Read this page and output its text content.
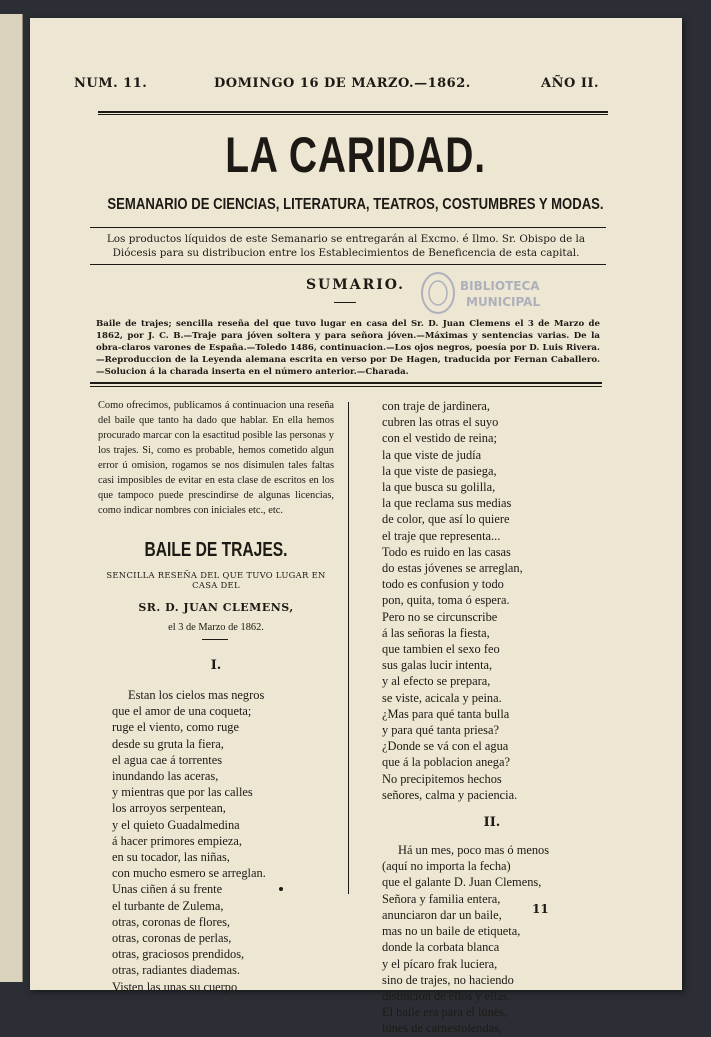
NUM. 11.	DOMINGO 16 DE MARZO.—1862.	AÑO II.
LA CARIDAD.
SEMANARIO DE CIENCIAS, LITERATURA, TEATROS, COSTUMBRES Y MODAS.
Los productos líquidos de este Semanario se entregarán al Excmo. é Ilmo. Sr. Obispo de la Diócesis para su distribucion entre los Establecimientos de Beneficencia de esta capital.
BIBLIOTECA
MUNICIPAL
SUMARIO.
Baile de trajes; sencilla reseña del que tuvo lugar en casa del Sr. D. Juan Clemens el 3 de Marzo de 1862, por J. C. B.—Traje para jóven soltera y para señora jóven.—Máximas y sentencias varias. De la obra-claros varones de España.—Toledo 1486, continuacion.—Los ojos negros, poesía por D. Luis Rivera.—Reproduccion de la Leyenda alemana escrita en verso por De Hagen, traducida por Fernan Caballero.—Solucion á la charada inserta en el número anterior.—Charada.

Como ofrecimos, publicamos á continuacion una reseña del baile que tanto ha dado que hablar. En ella hemos procurado marcar con la esactitud posible las personas y los trajes. Si, como es probable, hemos cometido algun error ú omision, rogamos se nos disimulen tales faltas casi imposibles de evitar en esta clase de escritos en los que tampoco puede prescindirse de algunas licencias, como indicar nombres con iniciales etc., etc.

BAILE DE TRAJES.
SENCILLA RESEÑA DEL QUE TUVO LUGAR EN CASA DEL
SR. D. JUAN CLEMENS,
el 3 de Marzo de 1862.
I.
Estan los cielos mas negros
que el amor de una coqueta;
ruge el viento, como ruge
desde su gruta la fiera,
el agua cae á torrentes
inundando las aceras,
y mientras que por las calles
los arroyos serpentean,
y el quieto Guadalmedina
á hacer primores empieza,
en su tocador, las niñas,
con mucho esmero se arreglan.
Unas ciñen á su frente
el turbante de Zulema,
otras, coronas de flores,
otras, coronas de perlas,
otras, graciosos prendidos,
otras, radiantes diademas.
Visten las unas su cuerpo
con traje de jardinera,
cubren las otras el suyo
con el vestido de reina;
la que viste de judía
la que viste de pasiega,
la que busca su golilla,
la que reclama sus medias
de color, que así lo quiere
el traje que representa...
Todo es ruido en las casas
do estas jóvenes se arreglan,
todo es confusion y todo
pon, quita, toma ó espera.
Pero no se circunscribe
á las señoras la fiesta,
que tambien el sexo feo
sus galas lucir intenta,
y al efecto se prepara,
se viste, acicala y peina.
¿Mas para qué tanta bulla
y para qué tanta priesa?
¿Donde se vá con el agua
que á la poblacion anega?
No precipitemos hechos
señores, calma y paciencia.
II.
Há un mes, poco mas ó menos
(aquí no importa la fecha)
que el galante D. Juan Clemens,
Señora y familia entera,
anunciaron dar un baile,
mas no un baile de etiqueta,
donde la corbata blanca
y el pícaro frak luciera,
sino de trajes, no haciendo
distincion de ellos y ellas.
El baile era para el lúnes,
lúnes de carnestolendas,
11
